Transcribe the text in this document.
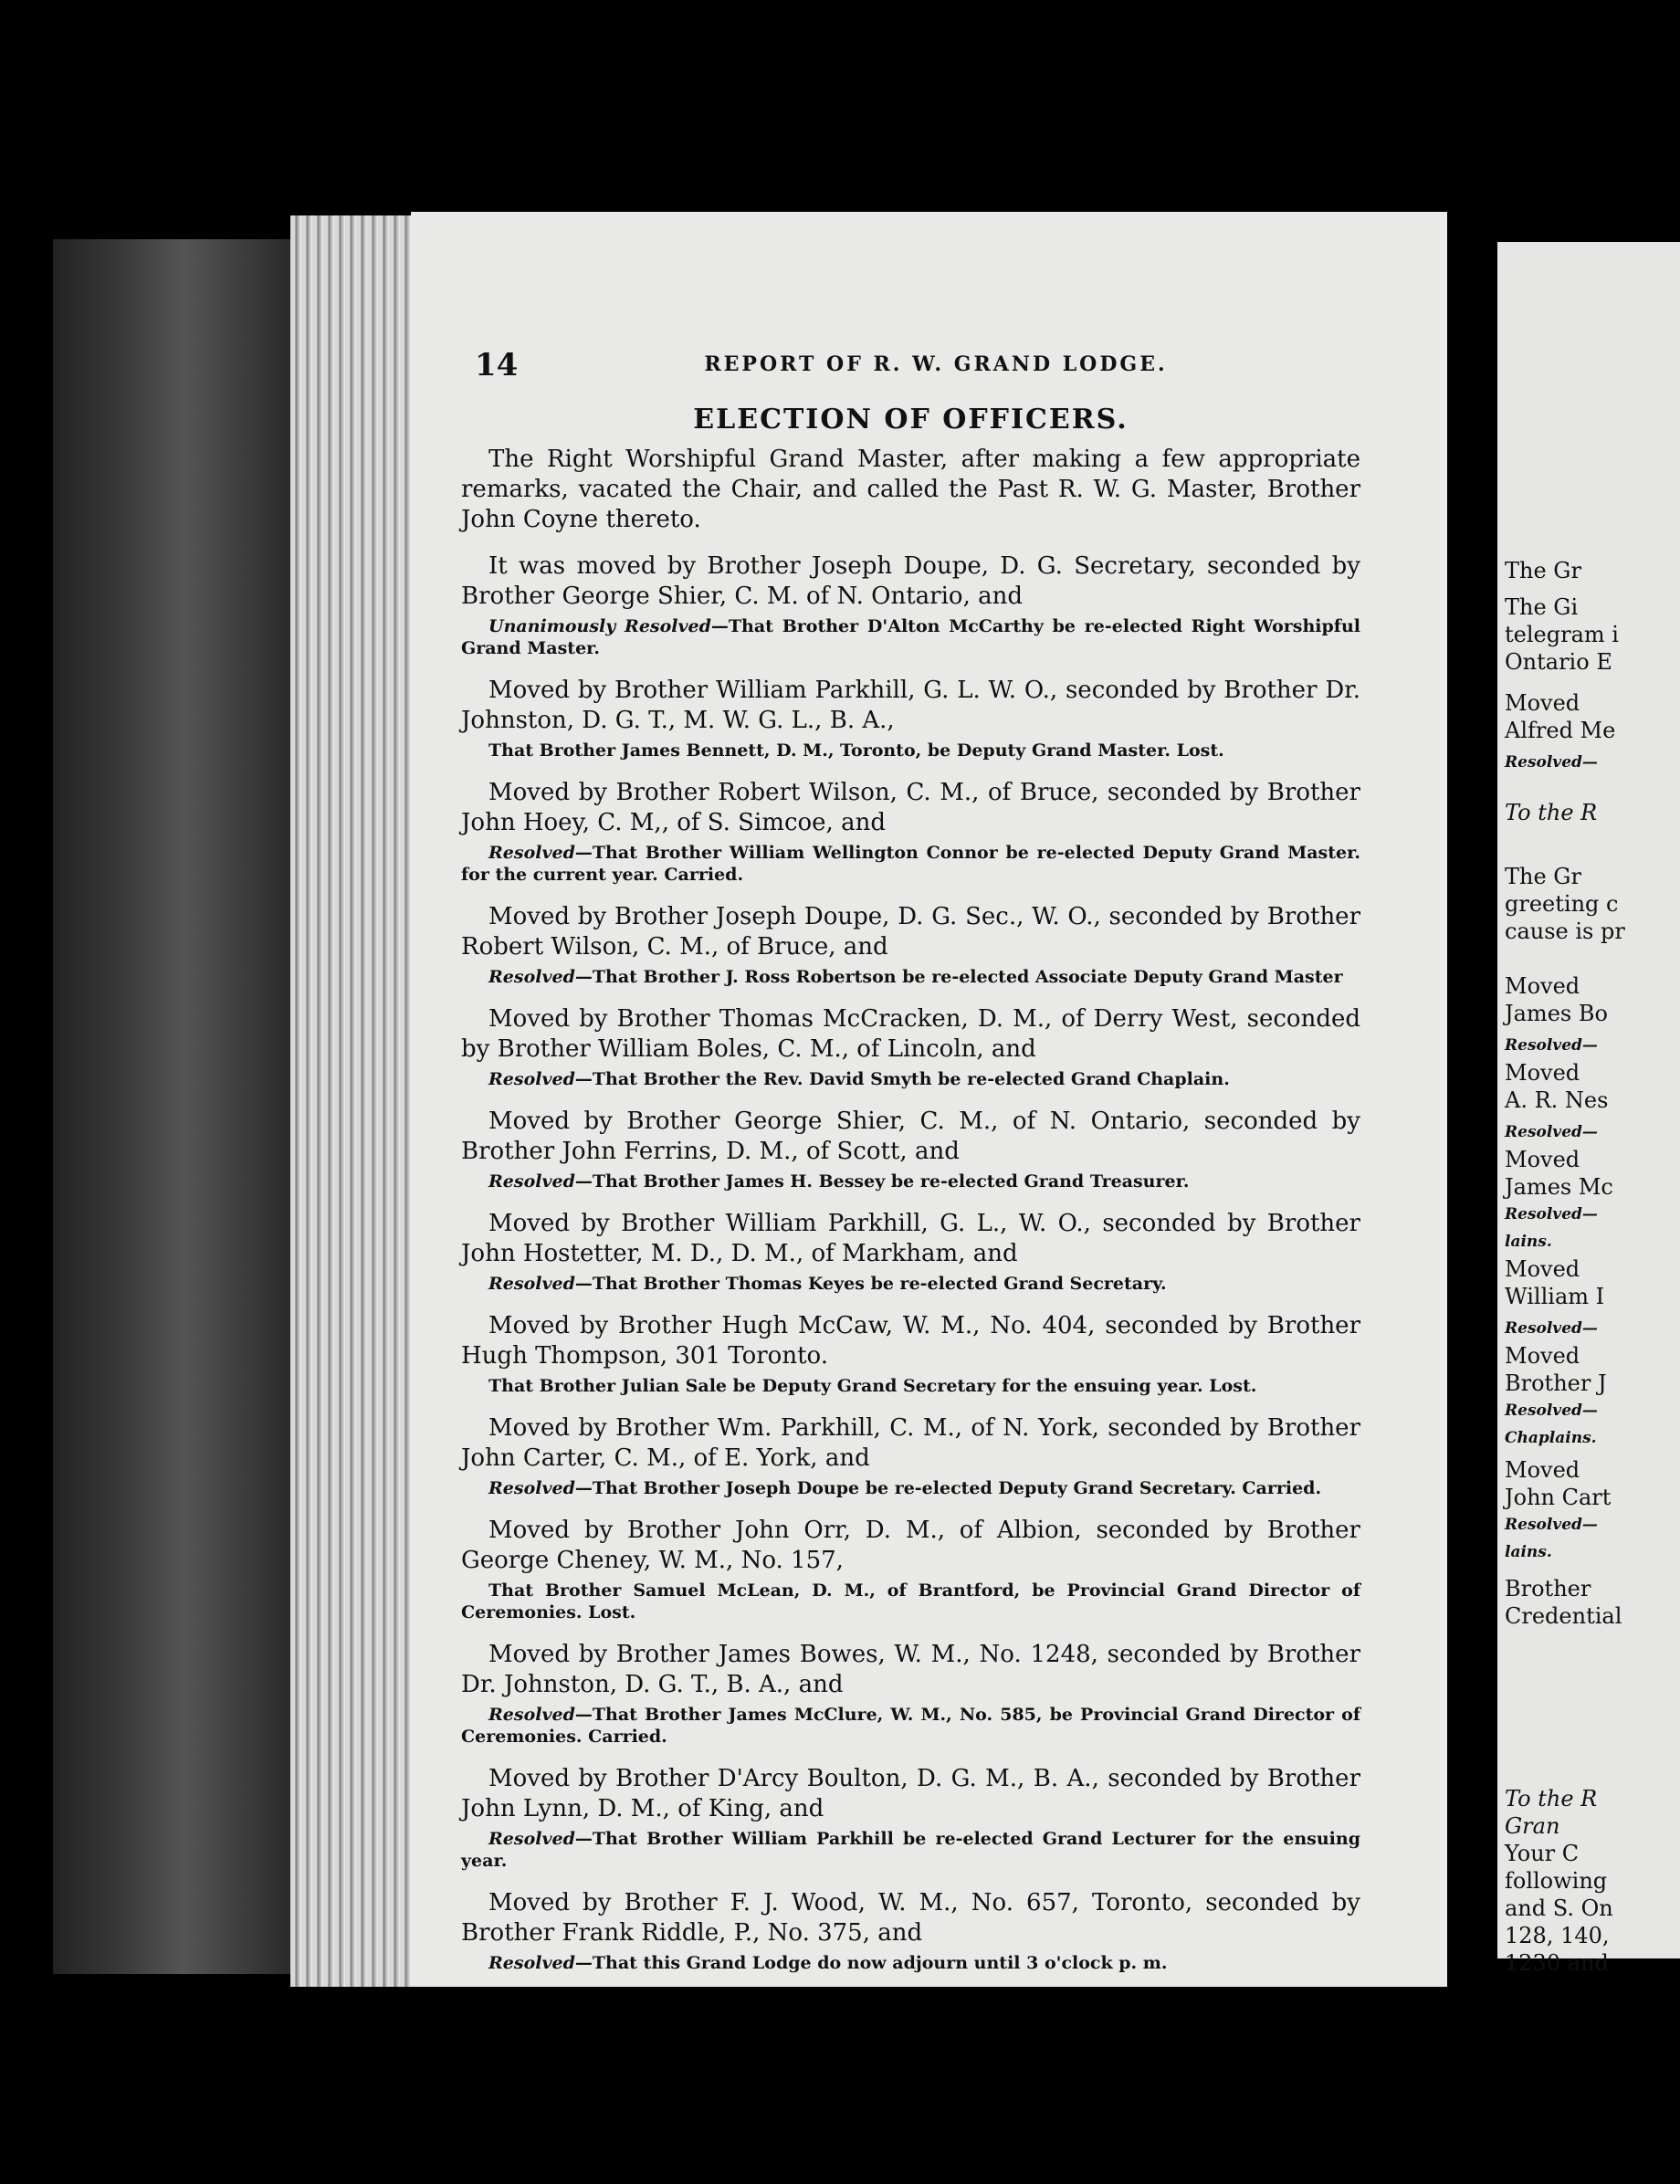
14	REPORT OF R. W. GRAND LODGE.
ELECTION OF OFFICERS.

The Right Worshipful Grand Master, after making a few appropriate remarks, vacated the Chair, and called the Past R. W. G. Master, Brother John Coyne thereto.

It was moved by Brother Joseph Doupe, D. G. Secretary, seconded by Brother George Shier, C. M. of N. Ontario, and

Unanimously Resolved—That Brother D'Alton McCarthy be re-elected Right Worshipful Grand Master.

Moved by Brother William Parkhill, G. L. W. O., seconded by Brother Dr. Johnston, D. G. T., M. W. G. L., B. A.,

That Brother James Bennett, D. M., Toronto, be Deputy Grand Master. Lost.

Moved by Brother Robert Wilson, C. M., of Bruce, seconded by Brother John Hoey, C. M,, of S. Simcoe, and

Resolved—That Brother William Wellington Connor be re-elected Deputy Grand Master. for the current year. Carried.

Moved by Brother Joseph Doupe, D. G. Sec., W. O., seconded by Brother Robert Wilson, C. M., of Bruce, and

Resolved—That Brother J. Ross Robertson be re-elected Associate Deputy Grand Master

Moved by Brother Thomas McCracken, D. M., of Derry West, seconded by Brother William Boles, C. M., of Lincoln, and

Resolved—That Brother the Rev. David Smyth be re-elected Grand Chaplain.

Moved by Brother George Shier, C. M., of N. Ontario, seconded by Brother John Ferrins, D. M., of Scott, and

Resolved—That Brother James H. Bessey be re-elected Grand Treasurer.

Moved by Brother William Parkhill, G. L., W. O., seconded by Brother John Hostetter, M. D., D. M., of Markham, and

Resolved—That Brother Thomas Keyes be re-elected Grand Secretary.

Moved by Brother Hugh McCaw, W. M., No. 404, seconded by Brother Hugh Thompson, 301 Toronto.

That Brother Julian Sale be Deputy Grand Secretary for the ensuing year. Lost.

Moved by Brother Wm. Parkhill, C. M., of N. York, seconded by Brother John Carter, C. M., of E. York, and

Resolved—That Brother Joseph Doupe be re-elected Deputy Grand Secretary. Carried.

Moved by Brother John Orr, D. M., of Albion, seconded by Brother George Cheney, W. M., No. 157,

That Brother Samuel McLean, D. M., of Brantford, be Provincial Grand Director of Ceremonies. Lost.

Moved by Brother James Bowes, W. M., No. 1248, seconded by Brother Dr. Johnston, D. G. T., B. A., and

Resolved—That Brother James McClure, W. M., No. 585, be Provincial Grand Director of Ceremonies. Carried.

Moved by Brother D'Arcy Boulton, D. G. M., B. A., seconded by Brother John Lynn, D. M., of King, and

Resolved—That Brother William Parkhill be re-elected Grand Lecturer for the ensuing year.

Moved by Brother F. J. Wood, W. M., No. 657, Toronto, seconded by Brother Frank Riddle, P., No. 375, and

Resolved—That this Grand Lodge do now adjourn until 3 o'clock p. m.

The Gr
The Gi
telegram i
Ontario E
Moved
Alfred Me
Resolved—
To the R
The Gr
greeting c
cause is pr
Moved
James Bo
Resolved—
Moved
A. R. Nes
Resolved—
Moved
James Mc
Resolved—
lains.
Moved
William I
Resolved—
Moved
Brother J
Resolved—
Chaplains.
Moved
John Cart
Resolved—
lains.
Brother
Credential
To the R
Gran
Your C
following
and S. On
128, 140,
1230 and
